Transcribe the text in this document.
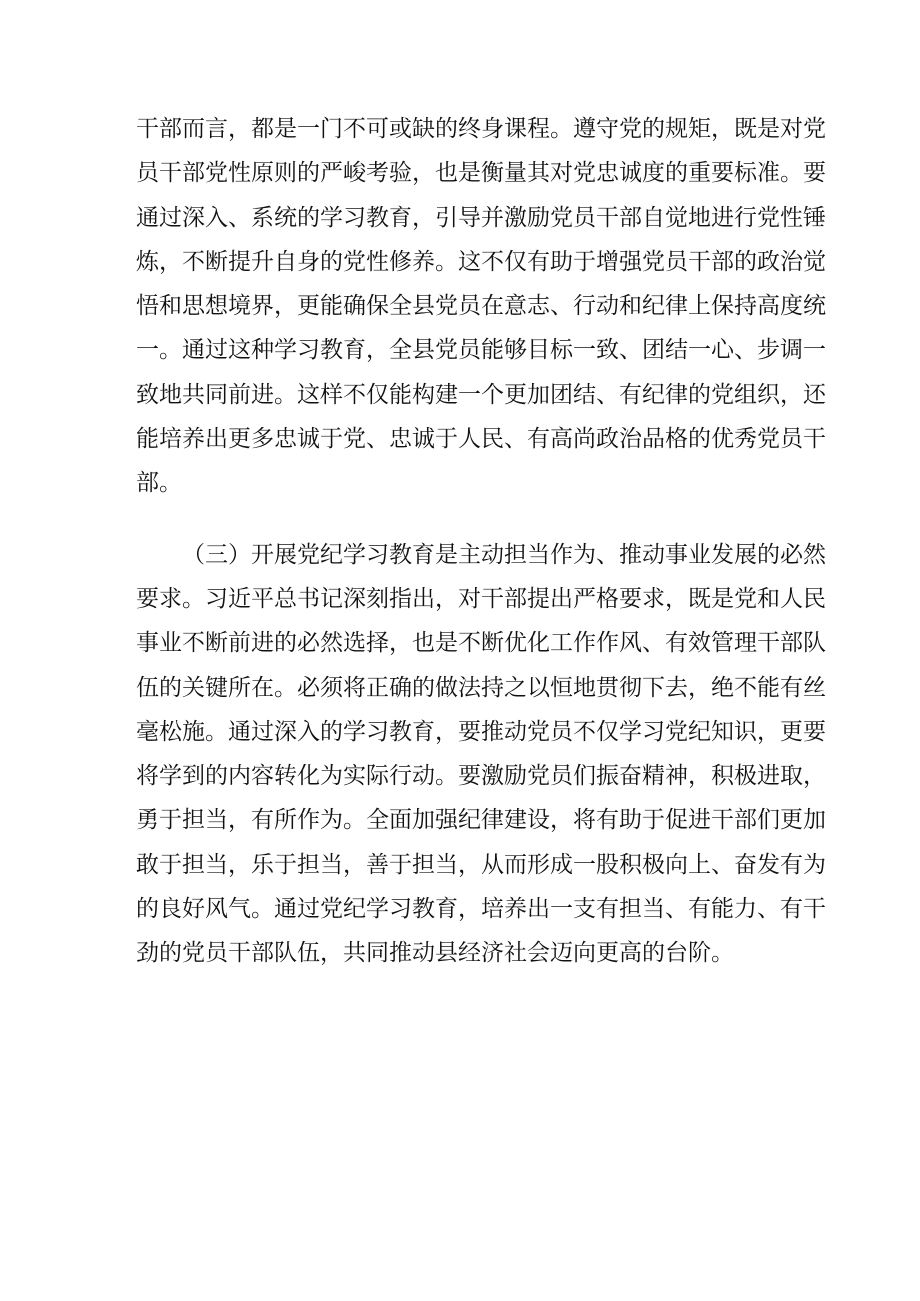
干部而言，都是一门不可或缺的终身课程。遵守党的规矩，既是对党
员干部党性原则的严峻考验，也是衡量其对党忠诚度的重要标准。要
通过深入、系统的学习教育，引导并激励党员干部自觉地进行党性锤
炼，不断提升自身的党性修养。这不仅有助于增强党员干部的政治觉
悟和思想境界，更能确保全县党员在意志、行动和纪律上保持高度统
一。通过这种学习教育，全县党员能够目标一致、团结一心、步调一
致地共同前进。这样不仅能构建一个更加团结、有纪律的党组织，还
能培养出更多忠诚于党、忠诚于人民、有高尚政治品格的优秀党员干
部。
（三）开展党纪学习教育是主动担当作为、推动事业发展的必然
要求。习近平总书记深刻指出，对干部提出严格要求，既是党和人民
事业不断前进的必然选择，也是不断优化工作作风、有效管理干部队
伍的关键所在。必须将正确的做法持之以恒地贯彻下去，绝不能有丝
毫松施。通过深入的学习教育，要推动党员不仅学习党纪知识，更要
将学到的内容转化为实际行动。要激励党员们振奋精神，积极进取，
勇于担当，有所作为。全面加强纪律建设，将有助于促进干部们更加
敢于担当，乐于担当，善于担当，从而形成一股积极向上、奋发有为
的良好风气。通过党纪学习教育，培养出一支有担当、有能力、有干
劲的党员干部队伍，共同推动县经济社会迈向更高的台阶。
